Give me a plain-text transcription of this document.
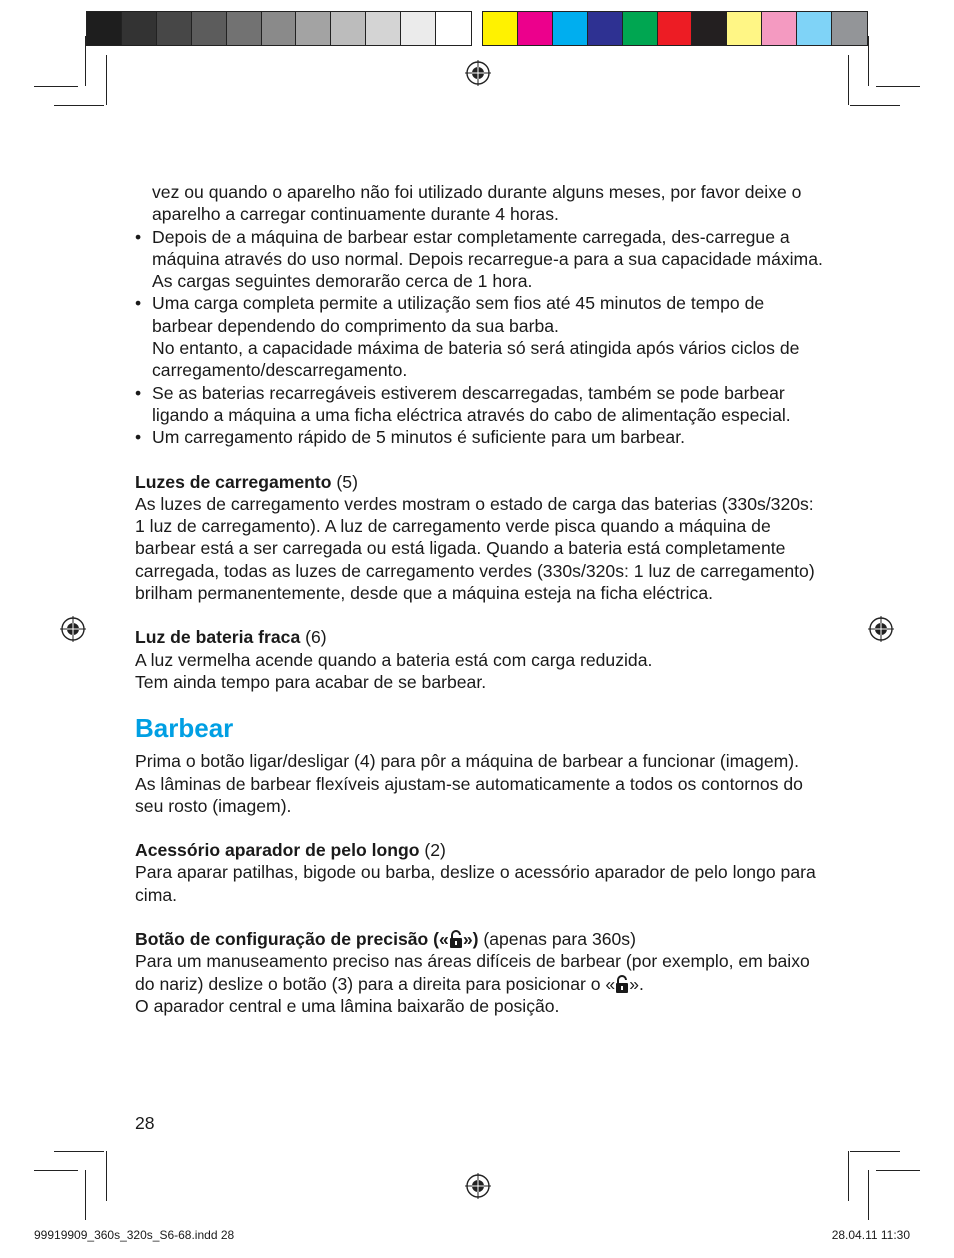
vez ou quando o aparelho não foi utilizado durante alguns meses, por favor deixe o aparelho a carregar continuamente durante 4 horas.

• Depois de a máquina de barbear estar completamente carregada, des-carregue a máquina através do uso normal. Depois recarregue-a para a sua capacidade máxima. As cargas seguintes demorarão cerca de 1 hora.

• Uma carga completa permite a utilização sem fios até 45 minutos de tempo de barbear dependendo do comprimento da sua barba.

No entanto, a capacidade máxima de bateria só será atingida após vários ciclos de carregamento/descarregamento.

• Se as baterias recarregáveis estiverem descarregadas, também se pode barbear ligando a máquina a uma ficha eléctrica através do cabo de alimentação especial.

• Um carregamento rápido de 5 minutos é suficiente para um barbear.

Luzes de carregamento (5)

As luzes de carregamento verdes mostram o estado de carga das baterias (330s/320s: 1 luz de carregamento). A luz de carregamento verde pisca quando a máquina de barbear está a ser carregada ou está ligada. Quando a bateria está completamente carregada, todas as luzes de carregamento verdes (330s/320s: 1 luz de carregamento) brilham permanentemente, desde que a máquina esteja na ficha eléctrica.

Luz de bateria fraca (6)

A luz vermelha acende quando a bateria está com carga reduzida.

Tem ainda tempo para acabar de se barbear.

Barbear

Prima o botão ligar/desligar (4) para pôr a máquina de barbear a funcionar (imagem).

As lâminas de barbear flexíveis ajustam-se automaticamente a todos os contornos do seu rosto (imagem).

Acessório aparador de pelo longo (2)

Para aparar patilhas, bigode ou barba, deslize o acessório aparador de pelo longo para cima.

Botão de configuração de precisão (« ») (apenas para 360s)

Para um manuseamento preciso nas áreas difíceis de barbear (por exemplo, em baixo do nariz) deslize o botão (3) para a direita para posicionar o « ».

O aparador central e uma lâmina baixarão de posição.

28
99919909_360s_320s_S6-68.indd 28	28.04.11 11:30
